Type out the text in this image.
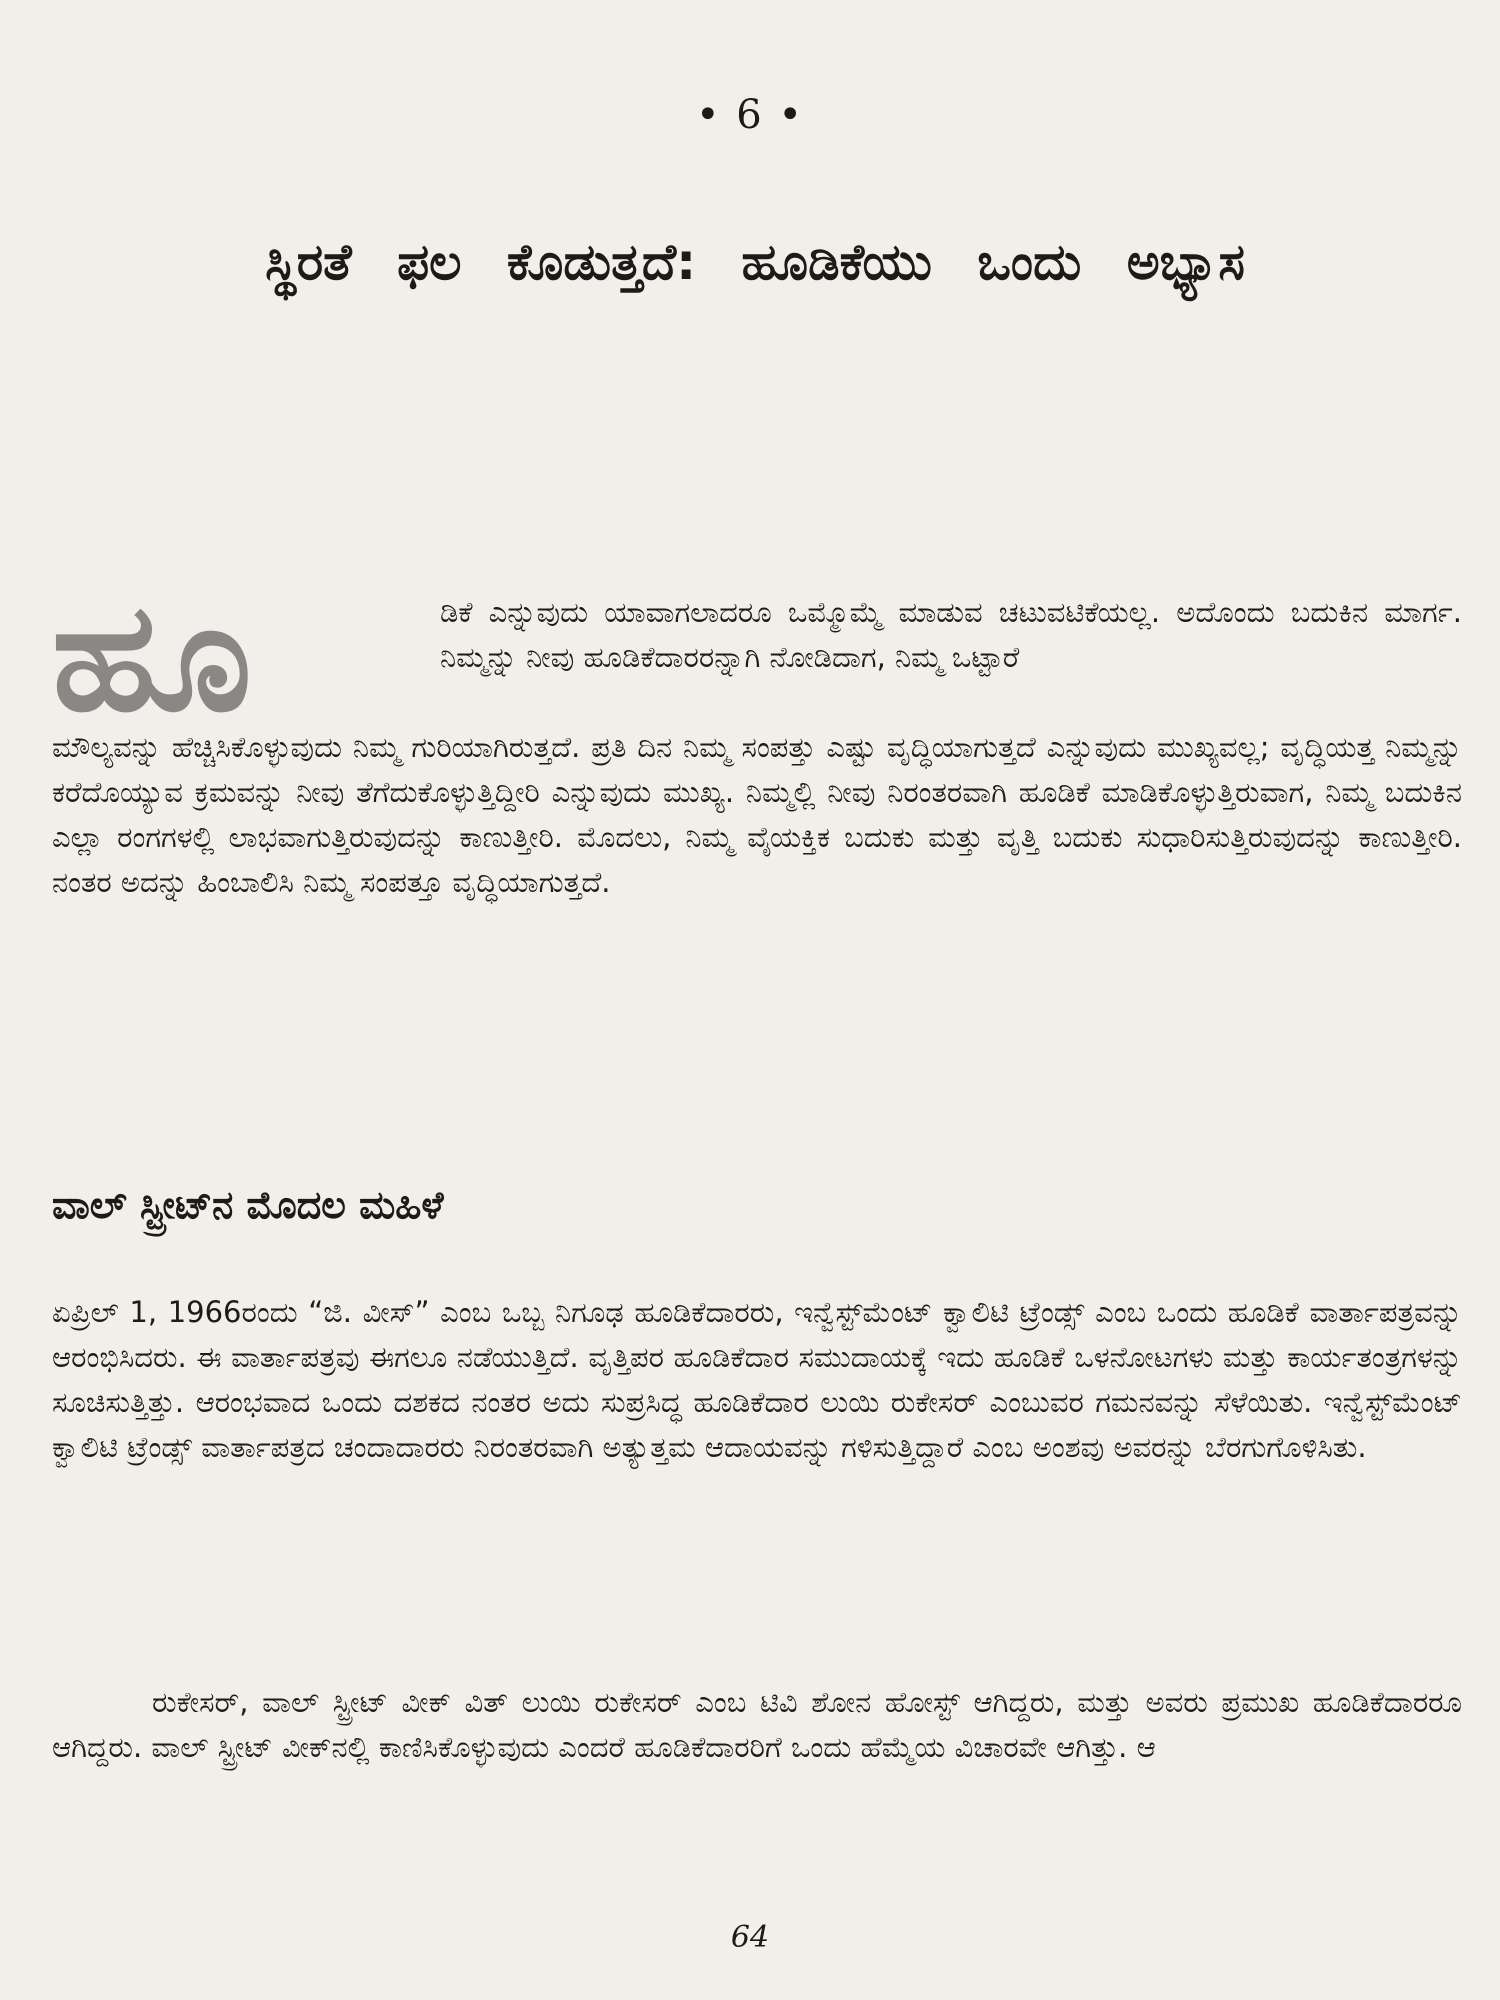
• 6 •
ಸ್ಥಿರತೆ ಫಲ ಕೊಡುತ್ತದೆ: ಹೂಡಿಕೆಯು ಒಂದು ಅಭ್ಯಾಸ
ಹೂ	ಡಿಕೆ ಎನ್ನುವುದು ಯಾವಾಗಲಾದರೂ ಒಮ್ಮೊಮ್ಮೆ ಮಾಡುವ ಚಟುವಟಿಕೆಯಲ್ಲ. ಅದೊಂದು ಬದುಕಿನ ಮಾರ್ಗ. ನಿಮ್ಮನ್ನು ನೀವು ಹೂಡಿಕೆದಾರರನ್ನಾಗಿ ನೋಡಿದಾಗ, ನಿಮ್ಮ ಒಟ್ಟಾರೆ

ಮೌಲ್ಯವನ್ನು ಹೆಚ್ಚಿಸಿಕೊಳ್ಳುವುದು ನಿಮ್ಮ ಗುರಿಯಾಗಿರುತ್ತದೆ. ಪ್ರತಿ ದಿನ ನಿಮ್ಮ ಸಂಪತ್ತು ಎಷ್ಟು ವೃದ್ಧಿಯಾಗುತ್ತದೆ ಎನ್ನುವುದು ಮುಖ್ಯವಲ್ಲ; ವೃದ್ಧಿಯತ್ತ ನಿಮ್ಮನ್ನು ಕರೆದೊಯ್ಯುವ ಕ್ರಮವನ್ನು ನೀವು ತೆಗೆದುಕೊಳ್ಳುತ್ತಿದ್ದೀರಿ ಎನ್ನುವುದು ಮುಖ್ಯ. ನಿಮ್ಮಲ್ಲಿ ನೀವು ನಿರಂತರವಾಗಿ ಹೂಡಿಕೆ ಮಾಡಿಕೊಳ್ಳುತ್ತಿರುವಾಗ, ನಿಮ್ಮ ಬದುಕಿನ ಎಲ್ಲಾ ರಂಗಗಳಲ್ಲಿ ಲಾಭವಾಗುತ್ತಿರುವುದನ್ನು ಕಾಣುತ್ತೀರಿ. ಮೊದಲು, ನಿಮ್ಮ ವೈಯಕ್ತಿಕ ಬದುಕು ಮತ್ತು ವೃತ್ತಿ ಬದುಕು ಸುಧಾರಿಸುತ್ತಿರುವುದನ್ನು ಕಾಣುತ್ತೀರಿ. ನಂತರ ಅದನ್ನು ಹಿಂಬಾಲಿಸಿ ನಿಮ್ಮ ಸಂಪತ್ತೂ ವೃದ್ಧಿಯಾಗುತ್ತದೆ.

ವಾಲ್ ಸ್ಟ್ರೀಟ್‌ನ ಮೊದಲ ಮಹಿಳೆ

ಏಪ್ರಿಲ್ 1, 1966ರಂದು “ಜಿ. ವೀಸ್” ಎಂಬ ಒಬ್ಬ ನಿಗೂಢ ಹೂಡಿಕೆದಾರರು, ಇನ್ವೆಸ್ಟ್‌ಮೆಂಟ್ ಕ್ವಾಲಿಟಿ ಟ್ರೆಂಡ್ಸ್ ಎಂಬ ಒಂದು ಹೂಡಿಕೆ ವಾರ್ತಾಪತ್ರವನ್ನು ಆರಂಭಿಸಿದರು. ಈ ವಾರ್ತಾಪತ್ರವು ಈಗಲೂ ನಡೆಯುತ್ತಿದೆ. ವೃತ್ತಿಪರ ಹೂಡಿಕೆದಾರ ಸಮುದಾಯಕ್ಕೆ ಇದು ಹೂಡಿಕೆ ಒಳನೋಟಗಳು ಮತ್ತು ಕಾರ್ಯತಂತ್ರಗಳನ್ನು ಸೂಚಿಸುತ್ತಿತ್ತು. ಆರಂಭವಾದ ಒಂದು ದಶಕದ ನಂತರ ಅದು ಸುಪ್ರಸಿದ್ಧ ಹೂಡಿಕೆದಾರ ಲುಯಿ ರುಕೇಸರ್ ಎಂಬುವರ ಗಮನವನ್ನು ಸೆಳೆಯಿತು. ಇನ್ವೆಸ್ಟ್‌ಮೆಂಟ್ ಕ್ವಾಲಿಟಿ ಟ್ರೆಂಡ್ಸ್ ವಾರ್ತಾಪತ್ರದ ಚಂದಾದಾರರು ನಿರಂತರವಾಗಿ ಅತ್ಯುತ್ತಮ ಆದಾಯವನ್ನು ಗಳಿಸುತ್ತಿದ್ದಾರೆ ಎಂಬ ಅಂಶವು ಅವರನ್ನು ಬೆರಗುಗೊಳಿಸಿತು.

ರುಕೇಸರ್, ವಾಲ್ ಸ್ಟ್ರೀಟ್ ವೀಕ್ ವಿತ್ ಲುಯಿ ರುಕೇಸರ್ ಎಂಬ ಟಿವಿ ಶೋನ ಹೋಸ್ಟ್ ಆಗಿದ್ದರು, ಮತ್ತು ಅವರು ಪ್ರಮುಖ ಹೂಡಿಕೆದಾರರೂ ಆಗಿದ್ದರು. ವಾಲ್ ಸ್ಟ್ರೀಟ್ ವೀಕ್‌ನಲ್ಲಿ ಕಾಣಿಸಿಕೊಳ್ಳುವುದು ಎಂದರೆ ಹೂಡಿಕೆದಾರರಿಗೆ ಒಂದು ಹೆಮ್ಮೆಯ ವಿಚಾರವೇ ಆಗಿತ್ತು. ಆ

64
